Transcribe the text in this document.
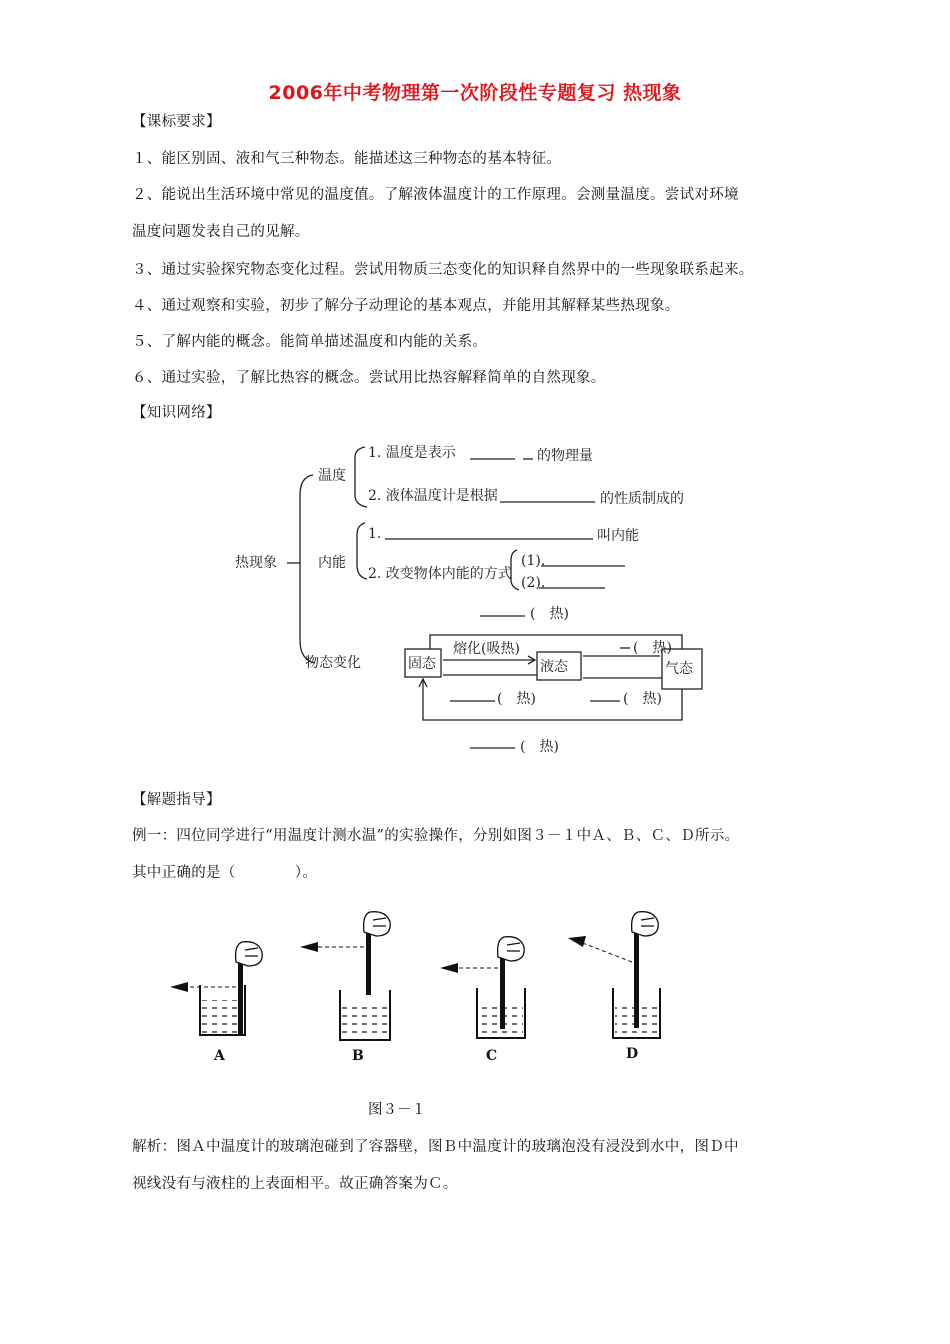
2006年中考物理第一次阶段性专题复习 热现象
【课标要求】
１、能区别固、液和气三种物态。能描述这三种物态的基本特征。
２、能说出生活环境中常见的温度值。了解液体温度计的工作原理。会测量温度。尝试对环境
温度问题发表自己的见解。
３、通过实验探究物态变化过程。尝试用物质三态变化的知识释自然界中的一些现象联系起来。
４、通过观察和实验，初步了解分子动理论的基本观点，并能用其解释某些热现象。
５、了解内能的概念。能简单描述温度和内能的关系。
６、通过实验，了解比热容的概念。尝试用比热容解释简单的自然现象。
【知识网络】
热现象
温度
1. 温度是表示	的物理量
2. 液体温度计是根据	的性质制成的
内能
1.	叫内能
2. 改变物体内能的方式
(1).
(2).
(　热)
物态变化	固态	液态	气态
熔化(吸热)	(　热)
(　热)	(　热)
(　热)
【解题指导】
例一：四位同学进行“用温度计测水温”的实验操作，分别如图３－１中Ａ、Ｂ、Ｃ、Ｄ所示。
其中正确的是（　　　　）。
A	B	C	D
图３－１
解析：图Ａ中温度计的玻璃泡碰到了容器壁，图Ｂ中温度计的玻璃泡没有浸没到水中，图Ｄ中
视线没有与液柱的上表面相平。故正确答案为Ｃ。
